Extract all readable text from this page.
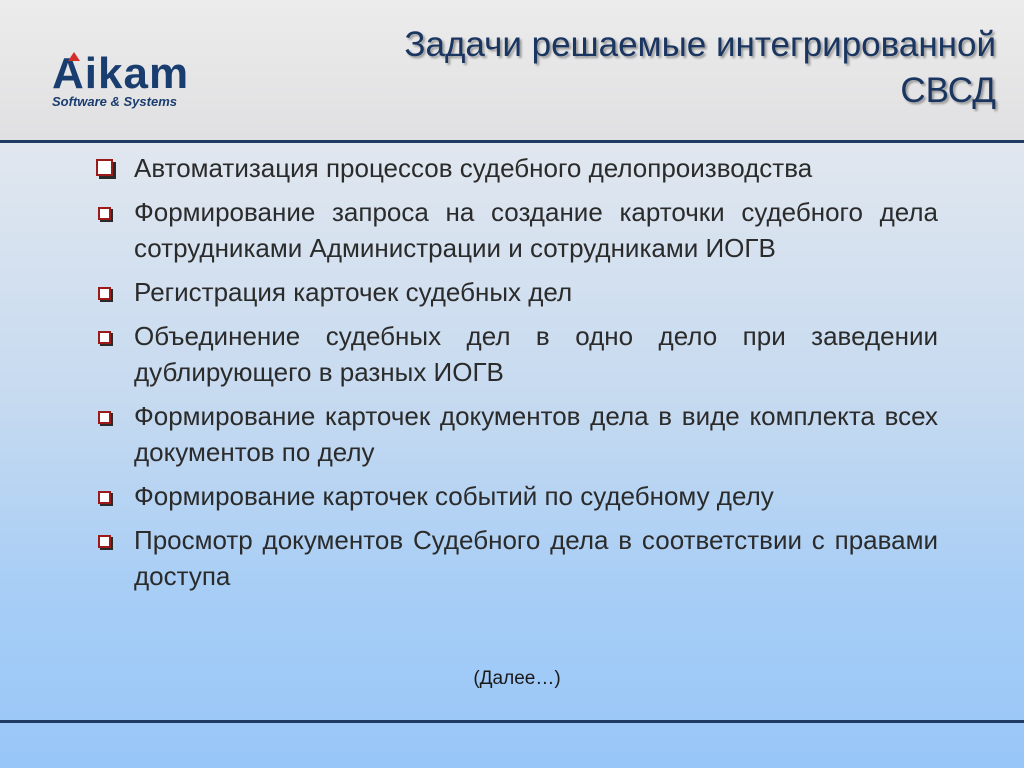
Aikam
Software & Systems
Задачи решаемые интегрированной
СВСД
Автоматизация процессов судебного делопроизводства
Формирование запроса на создание карточки судебного дела сотрудниками Администрации и сотрудниками ИОГВ
Регистрация карточек судебных дел
Объединение судебных дел в одно дело при заведении дублирующего в разных ИОГВ
Формирование карточек документов дела в виде комплекта всех документов по делу
Формирование карточек событий по судебному делу
Просмотр документов Судебного дела в соответствии с правами доступа
(Далее…)
